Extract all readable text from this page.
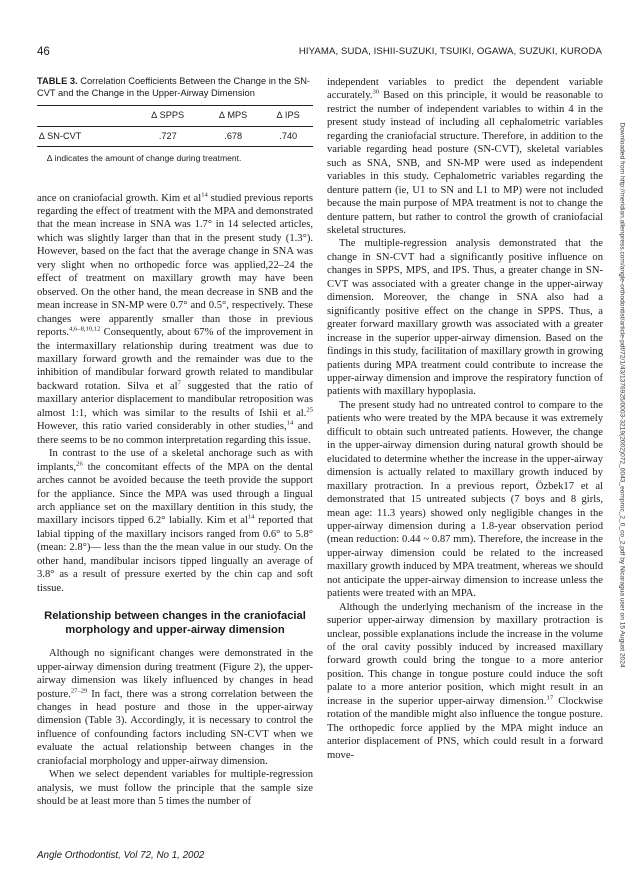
46	HIYAMA, SUDA, ISHII-SUZUKI, TSUIKI, OGAWA, SUZUKI, KURODA
TABLE 3. Correlation Coefficients Between the Change in the SN-CVT and the Change in the Upper-Airway Dimension
	∆ SPPS	∆ MPS	∆ IPS
∆ SN-CVT	.727	.678	.740
∆ indicates the amount of change during treatment.

ance on craniofacial growth. Kim et $al^{14}$ studied previous reports regarding the effect of treatment with the MPA and demonstrated that the mean increase in SNA was 1.7° in 14 selected articles, which was slightly larger than that in the present study (1.3°). However, based on the fact that the average change in SNA was very slight when no orthopedic force was applied,22–24 the effect of treatment on maxillary growth may have been observed. On the other hand, the mean decrease in SNB and the mean increase in SN-MP were 0.7° and 0.5°, respectively. These changes were apparently smaller than those in previous reports.$^{4,6-8,10,12}$ Consequently, about 67% of the improvement in the intermaxillary relationship during treatment was due to maxillary forward growth and the remainder was due to the inhibition of mandibular forward growth related to mandibular backward rotation. Silva et $al^7$ suggested that the ratio of maxillary anterior displacement to mandibular retroposition was almost 1:1, which was similar to the results of Ishii et al.$^{25}$ However, this ratio varied considerably in other studies,$^{14}$ and there seems to be no common interpretation regarding this issue.

In contrast to the use of a skeletal anchorage such as with implants,$^{26}$ the concomitant effects of the MPA on the dental arches cannot be avoided because the teeth provide the support for the appliance. Since the MPA was used through a lingual arch appliance set on the maxillary dentition in this study, the maxillary incisors tipped 6.2° labially. Kim et $al^{14}$ reported that labial tipping of the maxillary incisors ranged from 0.6° to 5.8° (mean: 2.8°)— less than the the mean value in our study. On the other hand, mandibular incisors tipped lingually an average of 3.8° as a result of pressure exerted by the chin cap and soft tissue.

Relationship between changes in the craniofacial morphology and upper-airway dimension

Although no significant changes were demonstrated in the upper-airway dimension during treatment (Figure 2), the upper-airway dimension was likely influenced by changes in head posture.$^{27-29}$ In fact, there was a strong correlation between the changes in head posture and those in the upper-airway dimension (Table 3). Accordingly, it is necessary to control the influence of confounding factors including SN-CVT when we evaluate the actual relationship between changes in the craniofacial morphology and upper-airway dimension.

When we select dependent variables for multiple-regression analysis, we must follow the principle that the sample size should be at least more than 5 times the number of

independent variables to predict the dependent variable accurately.$^{30}$ Based on this principle, it would be reasonable to restrict the number of independent variables to within 4 in the present study instead of including all cephalometric variables regarding the craniofacial structure. Therefore, in addition to the variable regarding head posture (SN-CVT), skeletal variables such as SNA, SNB, and SN-MP were used as independent variables in this study. Cephalometric variables regarding the denture pattern (ie, U1 to SN and L1 to MP) were not included because the main purpose of MPA treatment is not to change the denture pattern, but rather to control the growth of craniofacial skeletal structures.

The multiple-regression analysis demonstrated that the change in SN-CVT had a significantly positive influence on changes in SPPS, MPS, and IPS. Thus, a greater change in SN-CVT was associated with a greater change in the upper-airway dimension. Moreover, the change in SNA also had a significantly positive effect on the change in SPPS. Thus, a greater forward maxillary growth was associated with a greater increase in the superior upper-airway dimension. Based on the findings in this study, facilitation of maxillary growth in growing patients during MPA treatment could contribute to increase the upper-airway dimension and improve the respiratory function of patients with maxillary hypoplasia.

The present study had no untreated control to compare to the patients who were treated by the MPA because it was extremely difficult to obtain such untreated patients. However, the change in the upper-airway dimension during natural growth should be elucidated to determine whether the increase in the upper-airway dimension is actually related to maxillary growth induced by maxillary protraction. In a previous report, Özbek17 et al demonstrated that 15 untreated subjects (7 boys and 8 girls, mean age: 11.3 years) showed only negligible changes in the upper-airway dimension during a 1.8-year observation period (mean reduction: 0.44 ~ 0.87 mm). Therefore, the increase in the upper-airway dimension could be related to the increased maxillary growth induced by MPA treatment, whereas we should not anticipate the upper-airway dimension to increase unless the patients were treated with an MPA.

Although the underlying mechanism of the increase in the superior upper-airway dimension by maxillary protraction is unclear, possible explanations include the increase in the volume of the oral cavity possibly induced by increased maxillary forward growth could bring the tongue to a more anterior position. This change in tongue posture could induce the soft palate to a more anterior position, which might result in an increase in the superior upper-airway dimension.$^{17}$ Clockwise rotation of the mandible might also influence the tongue posture. The orthopedic force applied by the MPA might induce an anterior displacement of PNS, which could result in a forward move-

Angle Orthodontist, Vol 72, No 1, 2002
Downloaded from http://meridian.allenpress.com/angle-orthodontist/article-pdf/72/1/43/1376925/0003-3219(2002)072_0043_eomproc_2_0_co_2.pdf by Nicaragua user on 15 August 2024
